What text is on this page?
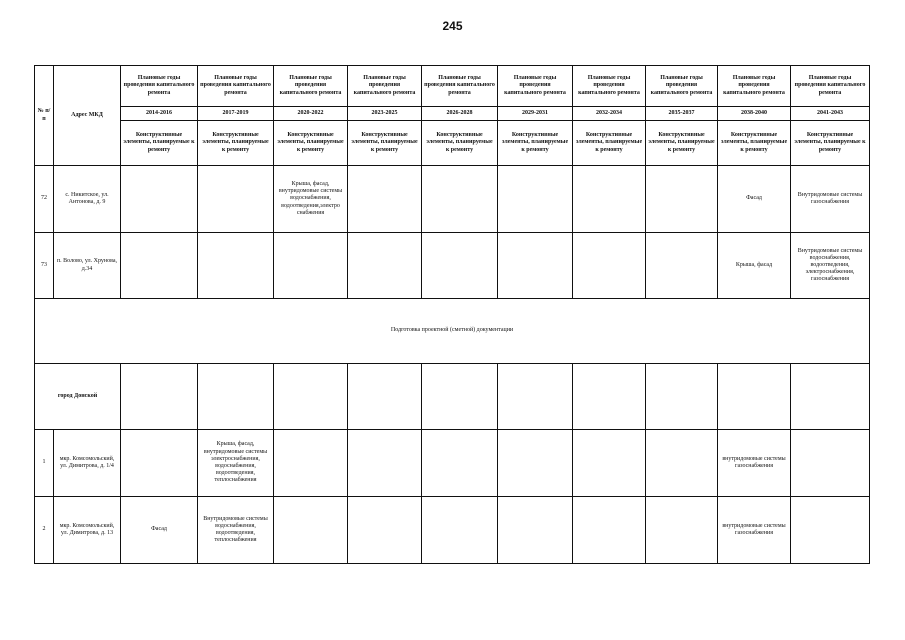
245
№ п/п	Адрес МКД	Плановые годы проведения капитального ремонта	Плановые годы проведения капитального ремонта	Плановые годы проведения капитального ремонта	Плановые годы проведения капитального ремонта	Плановые годы проведения капитального ремонта	Плановые годы проведения капитального ремонта	Плановые годы проведения капитального ремонта	Плановые годы проведения капитального ремонта	Плановые годы проведения капитального ремонта	Плановые годы проведения капитального ремонта
		2014-2016	2017-2019	2020-2022	2023-2025	2026-2028	2029-2031	2032-2034	2035-2037	2038-2040	2041-2043
		Конструктивные элементы, планируемые к ремонту	Конструктивные элементы, планируемые к ремонту	Конструктивные элементы, планируемые к ремонту	Конструктивные элементы, планируемые к ремонту	Конструктивные элементы, планируемые к ремонту	Конструктивные элементы, планируемые к ремонту	Конструктивные элементы, планируемые к ремонту	Конструктивные элементы, планируемые к ремонту	Конструктивные элементы, планируемые к ремонту	Конструктивные элементы, планируемые к ремонту
72	с. Никитское, ул. Антонова, д. 9			Крыша, фасад, внутридомовые системы водоснабжения, водоотведения,электро снабжения						Фасад	Внутридомовые системы газоснабжения
73	п. Волово, ул. Хрунова, д.34									Крыша, фасад	Внутридомовые системы водоснабжения, водоотведения, электроснабжения, газоснабжения
Подготовка проектной (сметной) документации											
город Донской											
1	мкр. Комсомольский, ул. Димитрова, д. 1/4		Крыша, фасад, внутридомовые системы электроснабжения, водоснабжения, водоотведения, теплоснабжения							внутридомовые системы газоснабжения	
2	мкр. Комсомольский, ул. Димитрова, д. 13	Фасад	Внутридомовые системы водоснабжения, водоотведения, теплоснабжения							внутридомовые системы газоснабжения	
